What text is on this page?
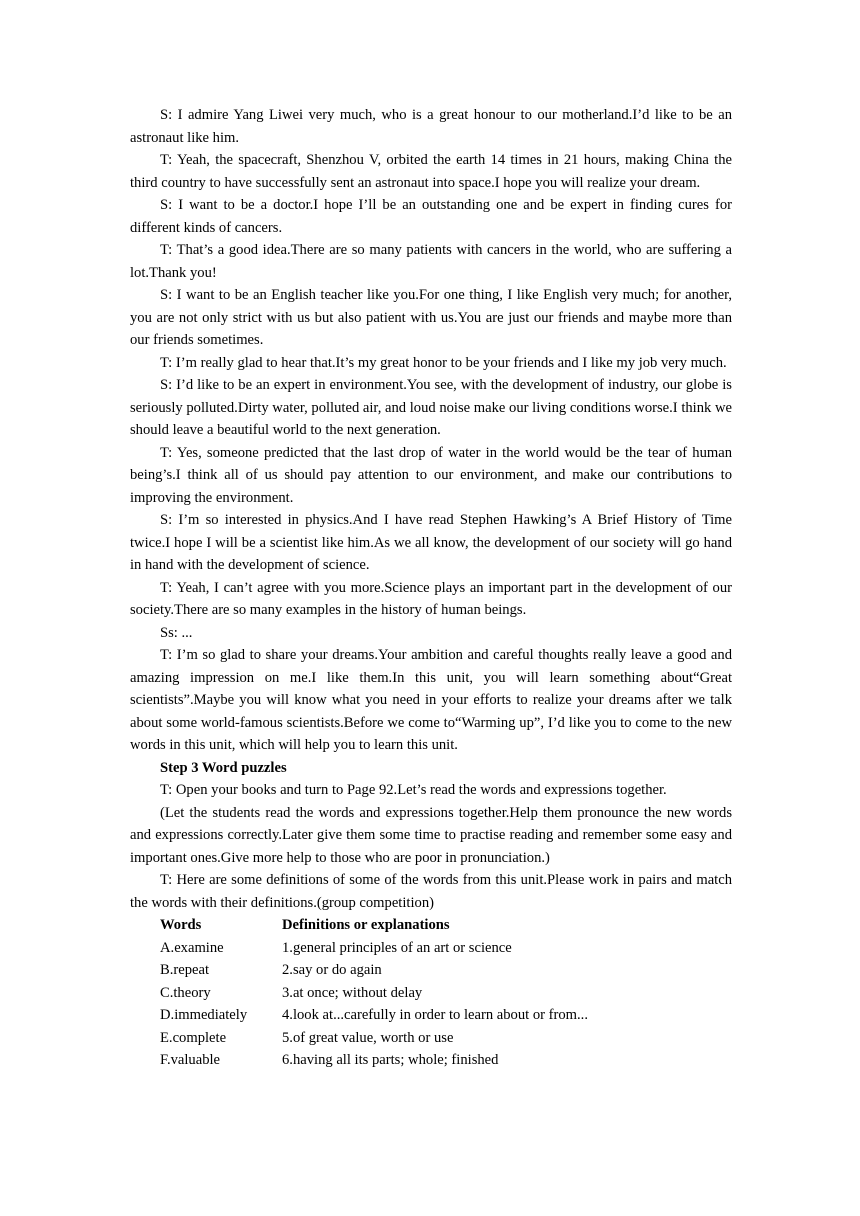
S: I admire Yang Liwei very much, who is a great honour to our motherland.I’d like to be an astronaut like him.

T: Yeah, the spacecraft, Shenzhou V, orbited the earth 14 times in 21 hours, making China the third country to have successfully sent an astronaut into space.I hope you will realize your dream.

S: I want to be a doctor.I hope I’ll be an outstanding one and be expert in finding cures for different kinds of cancers.

T: That’s a good idea.There are so many patients with cancers in the world, who are suffering a lot.Thank you!

S: I want to be an English teacher like you.For one thing, I like English very much; for another, you are not only strict with us but also patient with us.You are just our friends and maybe more than our friends sometimes.

T: I’m really glad to hear that.It’s my great honor to be your friends and I like my job very much.

S: I’d like to be an expert in environment.You see, with the development of industry, our globe is seriously polluted.Dirty water, polluted air, and loud noise make our living conditions worse.I think we should leave a beautiful world to the next generation.

T: Yes, someone predicted that the last drop of water in the world would be the tear of human being’s.I think all of us should pay attention to our environment, and make our contributions to improving the environment.

S: I’m so interested in physics.And I have read Stephen Hawking’s A Brief History of Time    twice.I hope I will be a scientist like him.As we all know, the development of our society will go hand in hand with the development of science.

T: Yeah, I can’t agree with you more.Science plays an important part in the development of our society.There are so many examples in the history of human beings.

Ss: ...

T: I’m so glad to share your dreams.Your ambition and careful thoughts really leave a good and amazing impression on me.I like them.In this unit, you will learn something about“Great scientists”.Maybe you will know what you need in your efforts to realize your dreams after we talk about some world-famous scientists.Before we come to“Warming up”, I’d like you to come to the new words in this unit, which will help you to learn this unit.

Step 3 Word puzzles

T: Open your books and turn to Page 92.Let’s read the words and expressions together.

(Let the students read the words and expressions together.Help them pronounce the new words and expressions correctly.Later give them some time to practise reading and remember some easy and important ones.Give more help to those who are poor in pronunciation.)

T: Here are some definitions of some of the words from this unit.Please work in pairs and match the words with their definitions.(group competition)

Words	Definitions or explanations
A.examine	1.general principles of an art or science
B.repeat	2.say or do again
C.theory	3.at once; without delay
D.immediately	4.look at...carefully in order to learn about or from...
E.complete	5.of great value, worth or use
F.valuable	6.having all its parts; whole; finished
